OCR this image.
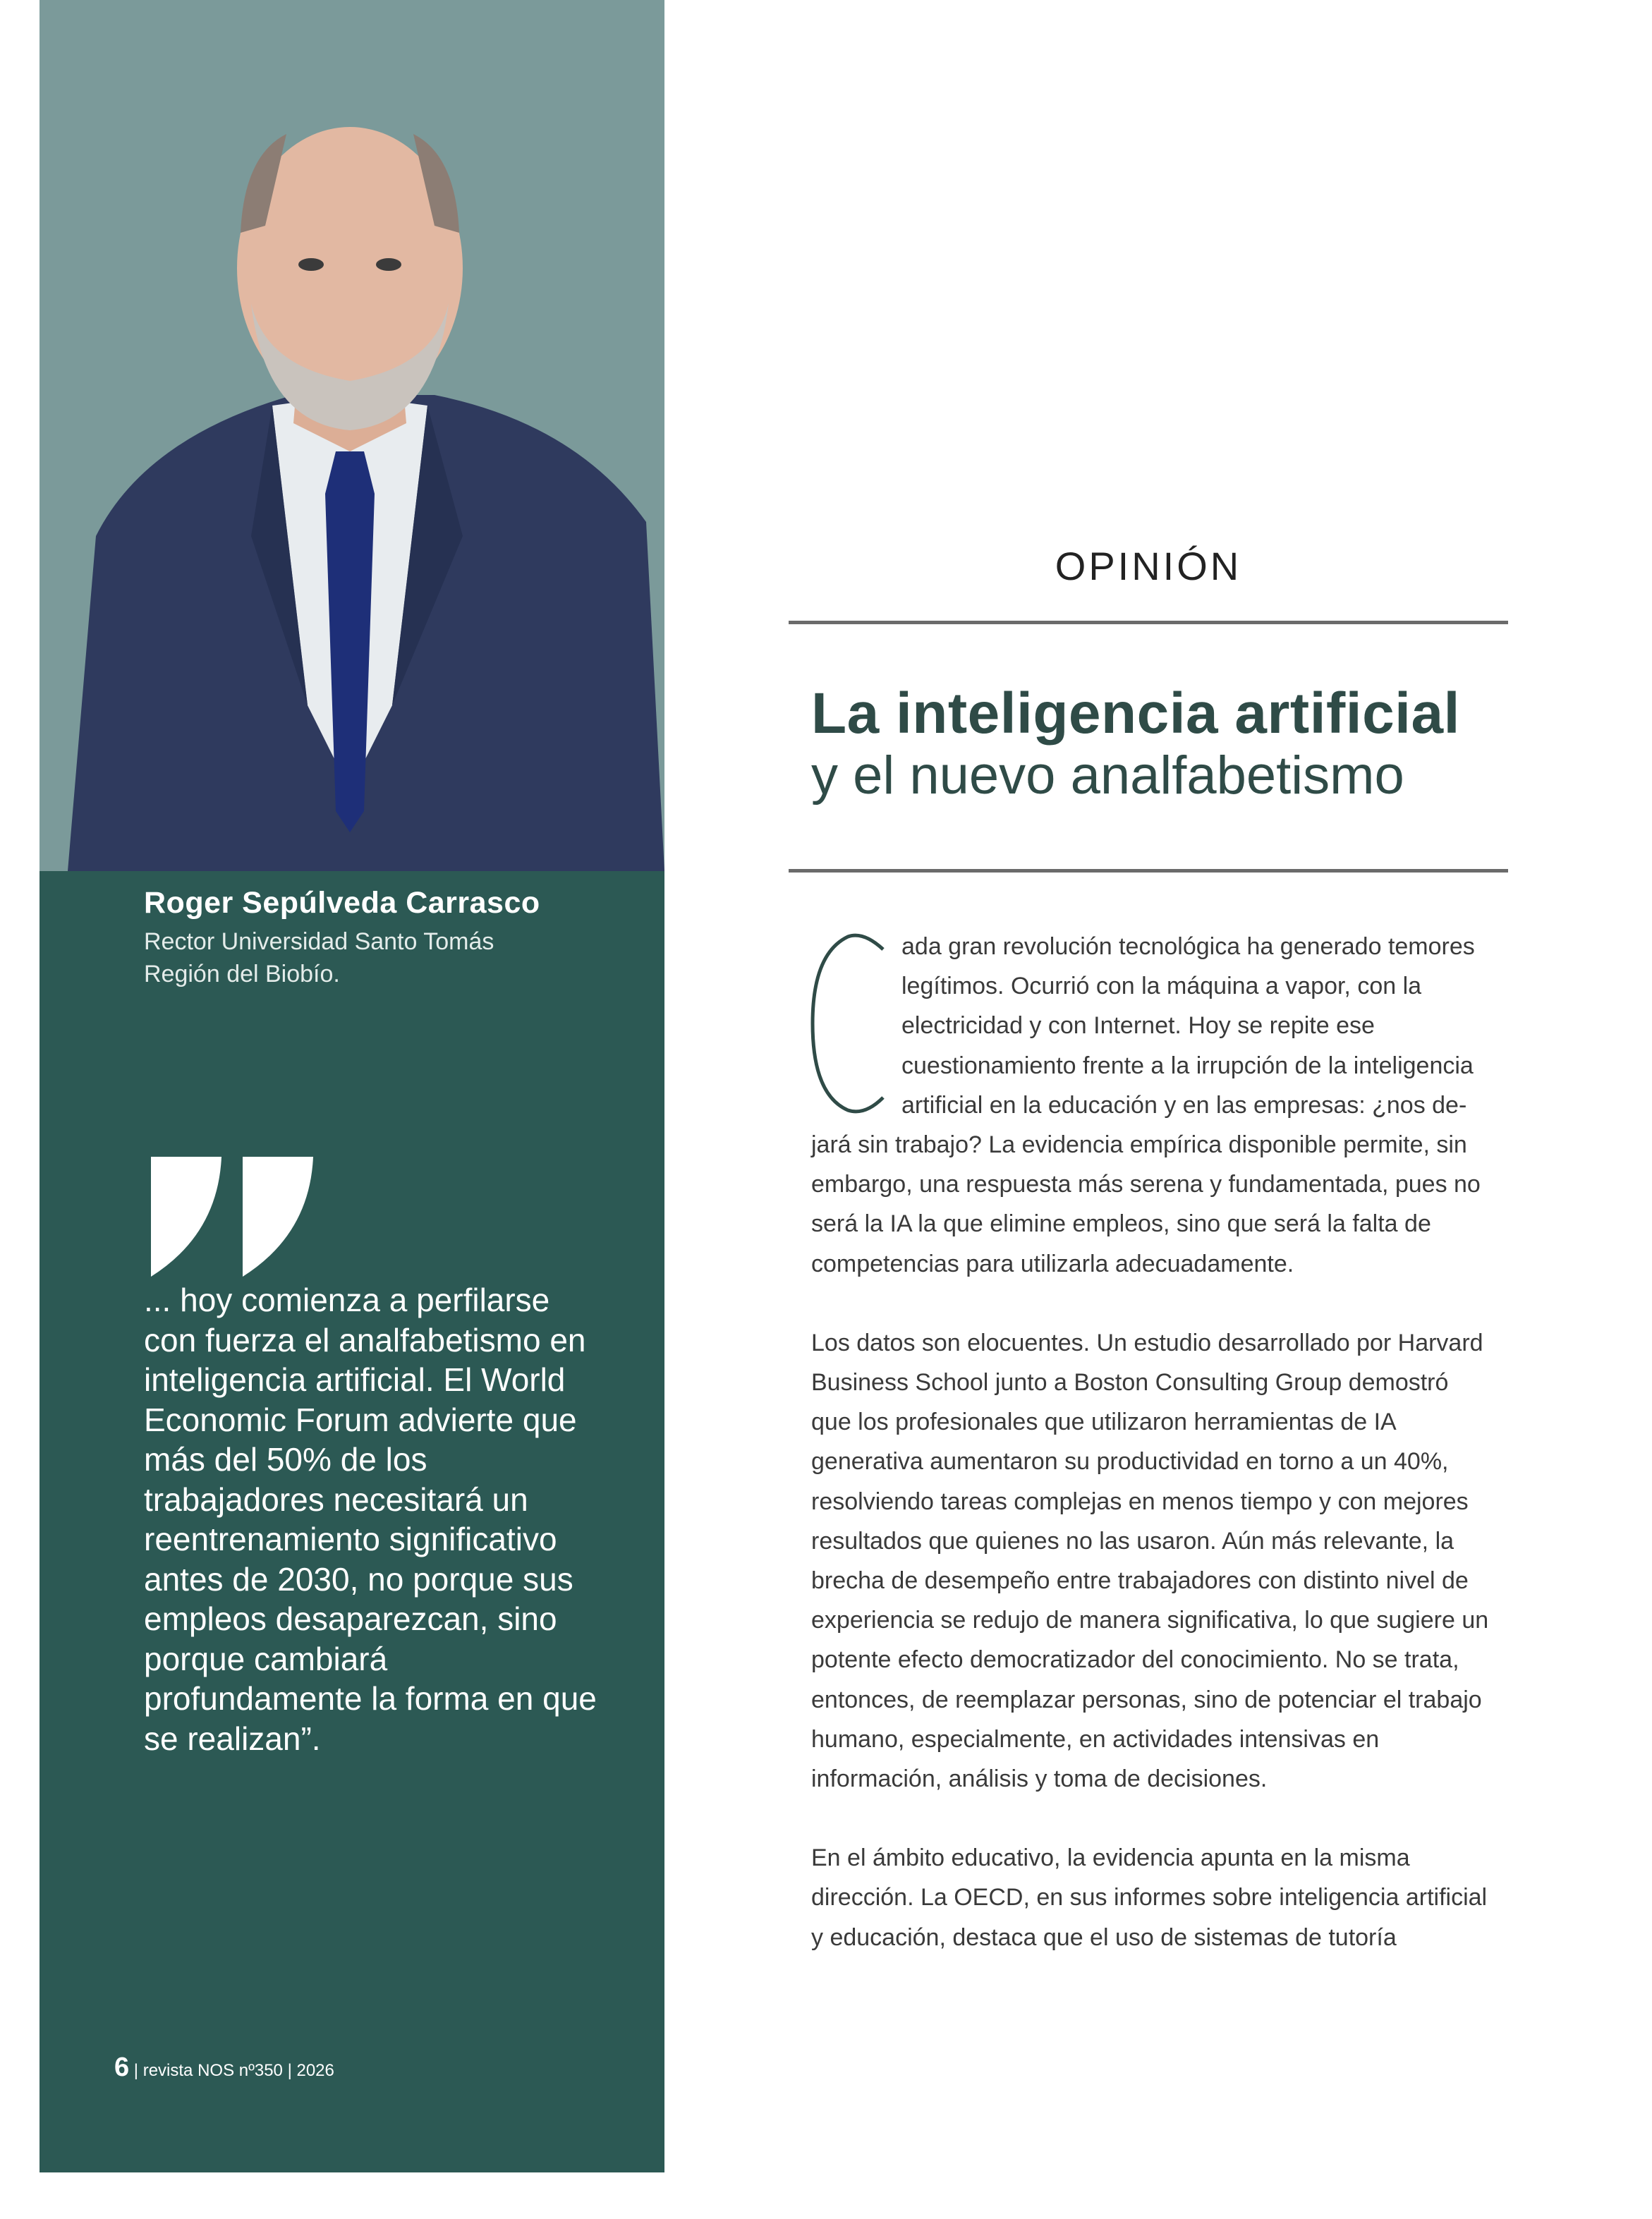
Roger Sepúlveda Carrasco
Rector Universidad Santo Tomás
Región del Biobío.

... hoy comienza a perfilarse con fuerza el analfabetismo en inteligencia artificial. El World Economic Forum advierte que más del 50% de los trabajadores necesitará un reentrenamiento significativo antes de 2030, no porque sus empleos desaparezcan, sino porque cambiará profundamente la forma en que se realizan”.

6 | revista NOS nº350 | 2026
OPINIÓN
La inteligencia artificial
y el nuevo analfabetismo

ada gran revolución tecnológica ha generado temores legítimos. Ocurrió con la máquina a vapor, con la electricidad y con Internet. Hoy se repite ese cuestionamiento frente a la irrupción de la inteligencia artificial en la educación y en las empresas: ¿nos de-
jará sin trabajo? La evidencia empírica disponible permite, sin embargo, una respuesta más serena y fundamentada, pues no será la IA la que elimine empleos, sino que será la falta de competencias para utilizarla adecuadamente.

Los datos son elocuentes. Un estudio desarrollado por Harvard Business School junto a Boston Consulting Group demostró que los profesionales que utilizaron herramientas de IA generativa aumentaron su productividad en torno a un 40%, resolviendo tareas complejas en menos tiempo y con mejores resultados que quienes no las usaron. Aún más relevante, la brecha de desempeño entre trabajadores con distinto nivel de experiencia se redujo de manera significativa, lo que sugiere un potente efecto democratizador del conocimiento. No se trata, entonces, de reemplazar personas, sino de potenciar el trabajo humano, especialmente, en actividades intensivas en información, análisis y toma de decisiones.

En el ámbito educativo, la evidencia apunta en la misma dirección. La OECD, en sus informes sobre inteligencia artificial y educación, destaca que el uso de sistemas de tutoría
